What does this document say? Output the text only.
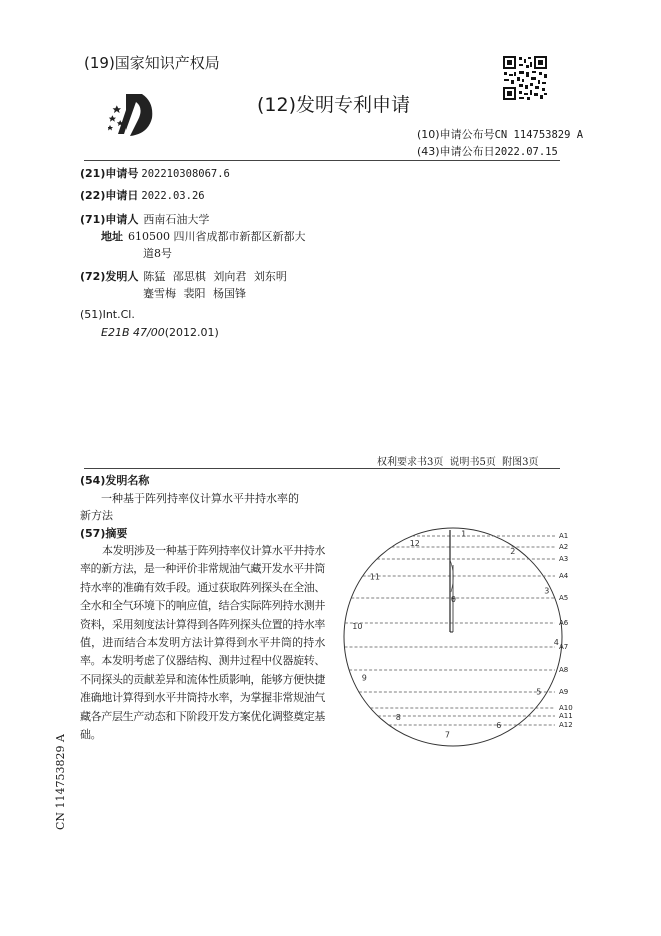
(19)国家知识产权局
(12)发明专利申请
(10)申请公布号CN 114753829 A
(43)申请公布日2022.07.15
(21)申请号 202210308067.6
(22)申请日 2022.03.26
(71)申请人 西南石油大学
地址 610500 四川省成都市新都区新都大
道8号
(72)发明人 陈猛 邵思棋 刘向君 刘东明
蹇雪梅 裴阳 杨国锋
(51)Int.Cl.
E21B 47/00(2012.01)
权利要求书3页 说明书5页 附图3页
(54)发明名称
一种基于阵列持率仪计算水平井持水率的
新方法
(57)摘要
本发明涉及一种基于阵列持率仪计算水平井持水率的新方法，是一种评价非常规油气藏开发水平井筒持水率的准确有效手段。通过获取阵列探头在全油、全水和全气环境下的响应值，结合实际阵列持水测井资料，采用刻度法计算得到各阵列探头位置的持水率值，进而结合本发明方法计算得到水平井筒的持水率。本发明考虑了仪器结构、测井过程中仪器旋转、不同探头的贡献差异和流体性质影响，能够方便快捷准确地计算得到水平井筒持水率，为掌握非常规油气藏各产层生产动态和下阶段开发方案优化调整奠定基础。
A1
A2
A3
A4
A5
A6
A7
A8
A9
A10
A11
A12
1
2
3
4
5
6
7
8
9
10
11
12
θ
CN 114753829 A
